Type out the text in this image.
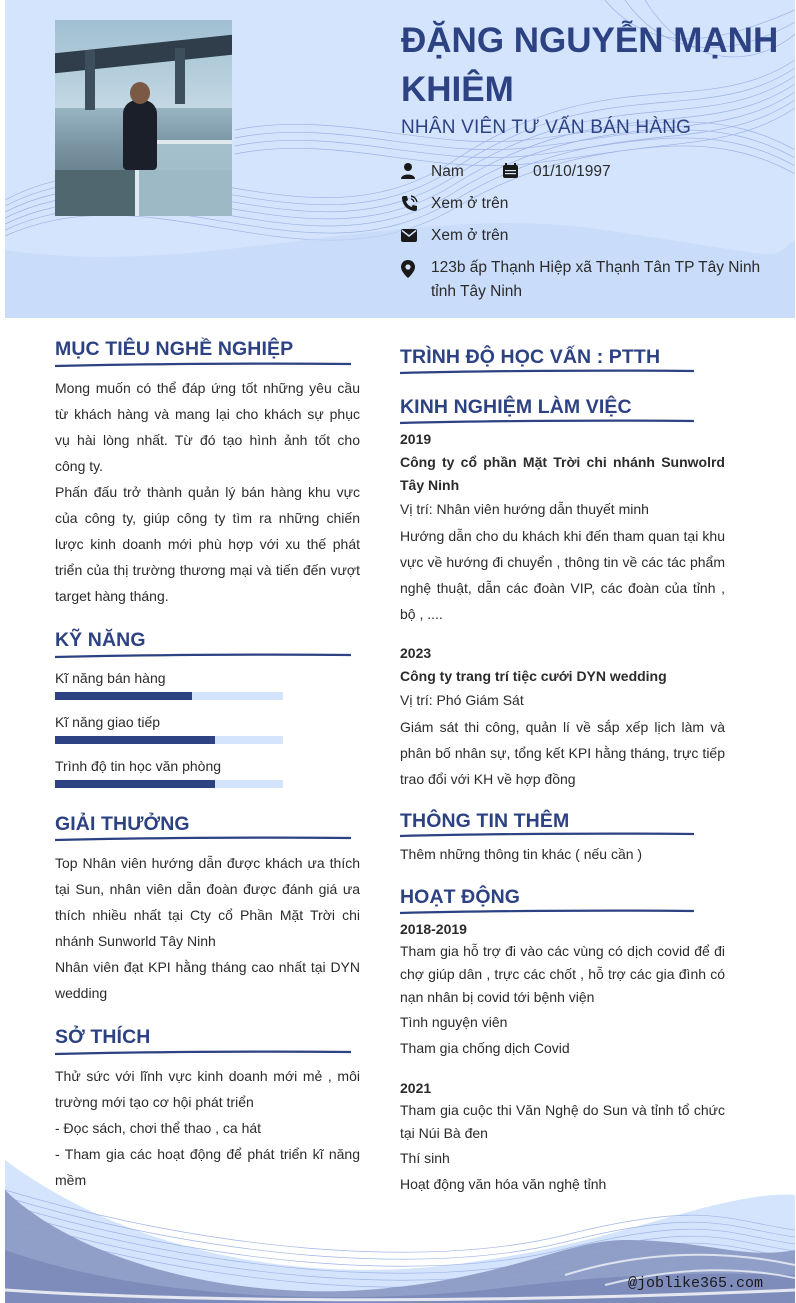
ĐẶNG NGUYỄN MẠNH KHIÊM
NHÂN VIÊN TƯ VẤN BÁN HÀNG
Nam	01/10/1997
Xem ở trên
Xem ở trên
123b ấp Thạnh Hiệp xã Thạnh Tân TP Tây Ninh tỉnh Tây Ninh
MỤC TIÊU NGHỀ NGHIỆP
Mong muốn có thể đáp ứng tốt những yêu cầu từ khách hàng và mang lại cho khách sự phục vụ hài lòng nhất. Từ đó tạo hình ảnh tốt cho công ty.
Phấn đấu trở thành quản lý bán hàng khu vực của công ty, giúp công ty tìm ra những chiến lược kinh doanh mới phù hợp với xu thế phát triển của thị trường thương mại và tiến đến vượt target hàng tháng.
KỸ NĂNG
Kĩ năng bán hàng
Kĩ năng giao tiếp
Trình độ tin học văn phòng
GIẢI THƯỞNG
Top Nhân viên hướng dẫn được khách ưa thích tại Sun, nhân viên dẫn đoàn được đánh giá ưa thích nhiều nhất tại Cty cổ Phần Mặt Trời chi nhánh Sunworld Tây Ninh
Nhân viên đạt KPI hằng tháng cao nhất tại DYN wedding
SỞ THÍCH
Thử sức với lĩnh vực kinh doanh mới mẻ , môi trường mới tạo cơ hội phát triển
- Đọc sách, chơi thể thao , ca hát
- Tham gia các hoạt động để phát triển kĩ năng mềm
TRÌNH ĐỘ HỌC VẤN : PTTH
KINH NGHIỆM LÀM VIỆC
2019
Công ty cổ phần Mặt Trời chi nhánh Sunwolrd Tây Ninh
Vị trí: Nhân viên hướng dẫn thuyết minh
Hướng dẫn cho du khách khi đến tham quan tại khu vực về hướng đi chuyển , thông tin về các tác phẩm nghệ thuật, dẫn các đoàn VIP, các đoàn của tỉnh , bộ , ....
2023
Công ty trang trí tiệc cưới DYN wedding
Vị trí: Phó Giám Sát
Giám sát thi công, quản lí về sắp xếp lịch làm và phân bố nhân sự, tổng kết KPI hằng tháng, trực tiếp trao đổi với KH về hợp đồng
THÔNG TIN THÊM
Thêm những thông tin khác ( nếu cần )
HOẠT ĐỘNG
2018-2019
Tham gia hỗ trợ đi vào các vùng có dịch covid để đi chợ giúp dân , trực các chốt , hỗ trợ các gia đình có nạn nhân bị covid tới bệnh viện
Tình nguyện viên
Tham gia chống dịch Covid
2021
Tham gia cuộc thi Văn Nghệ do Sun và tỉnh tổ chức tại Núi Bà đen
Thí sinh
Hoạt động văn hóa văn nghệ tỉnh
@joblike365.com
